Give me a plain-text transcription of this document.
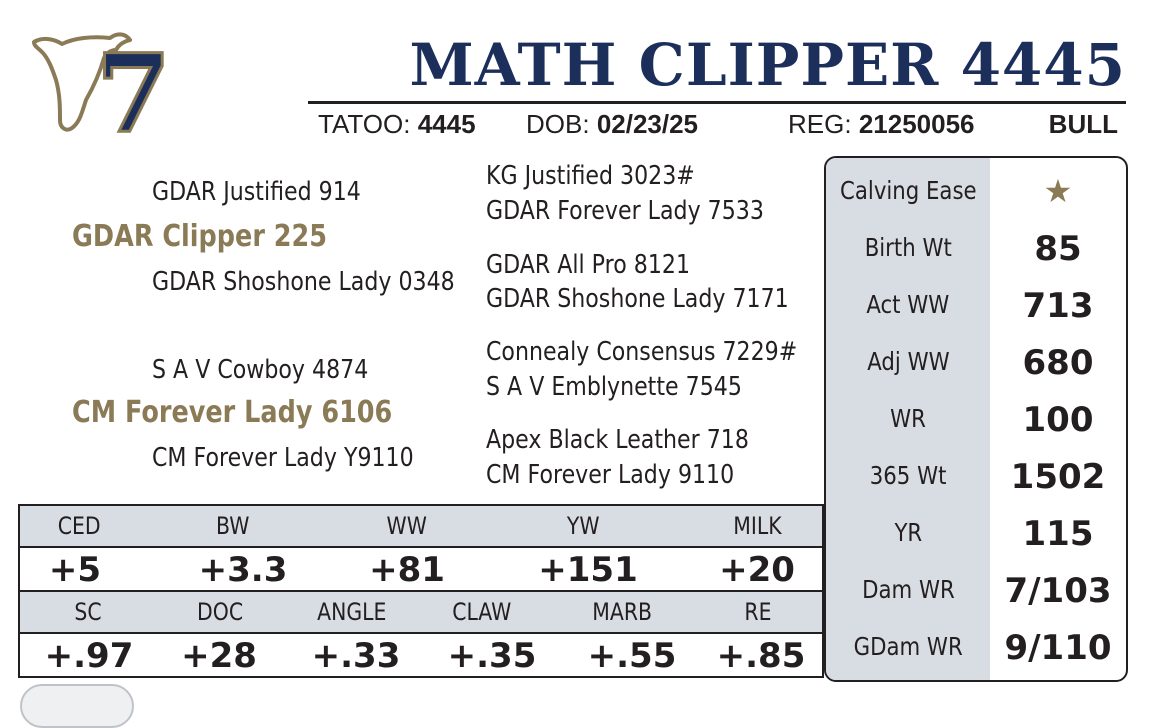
7	MATH CLIPPER 4445
TATOO: 4445 DOB: 02/23/25	REG: 21250056	BULL
GDAR Justified 914
GDAR Clipper 225
GDAR Shoshone Lady 0348
KG Justified 3023#
GDAR Forever Lady 7533
GDAR All Pro 8121
GDAR Shoshone Lady 7171
S A V Cowboy 4874
CM Forever Lady 6106
CM Forever Lady Y9110
Connealy Consensus 7229#
S A V Emblynette 7545
Apex Black Leather 718
CM Forever Lady 9110
Calving Ease	★
Birth Wt	85
Act WW	713
Adj WW	680
WR	100
365 Wt	1502
YR	115
Dam WR	7/103
GDam WR	9/110
CED	BW	WW	YW	MILK
+5	+3.3	+81	+151	+20
SC	DOC	ANGLE	CLAW	MARB	RE
+.97	+28	+.33	+.35	+.55	+.85
